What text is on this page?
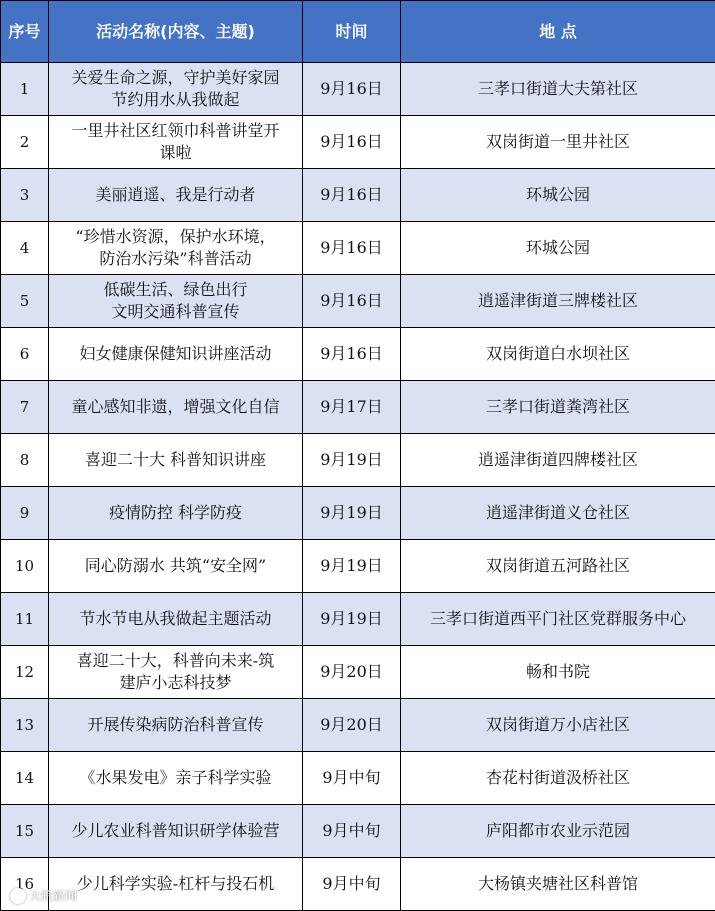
序号	活动名称(内容、主题)	时间	地 点

1	关爱生命之源，守护美好家园
节约用水从我做起	9月16日	三孝口街道大夫第社区

2	一里井社区红领巾科普讲堂开
课啦	9月16日	双岗街道一里井社区

3	美丽逍遥、我是行动者	9月16日	环城公园

4	“珍惜水资源，保护水环境，
防治水污染”科普活动	9月16日	环城公园

5	低碳生活、绿色出行
文明交通科普宣传	9月16日	逍遥津街道三牌楼社区

6	妇女健康保健知识讲座活动	9月16日	双岗街道白水坝社区

7	童心感知非遗，增强文化自信	9月17日	三孝口街道粪湾社区

8	喜迎二十大 科普知识讲座	9月19日	逍遥津街道四牌楼社区

9	疫情防控 科学防疫	9月19日	逍遥津街道义仓社区

10	同心防溺水 共筑“安全网”	9月19日	双岗街道五河路社区

11	节水节电从我做起主题活动	9月19日	三孝口街道西平门社区党群服务中心

12	喜迎二十大，科普向未来-筑
建庐小志科技梦	9月20日	畅和书院

13	开展传染病防治科普宣传	9月20日	双岗街道万小店社区

14	《水果发电》亲子科学实验	9月中旬	杏花村街道汲桥社区

15	少儿农业科普知识研学体验营	9月中旬	庐阳都市农业示范园

16	少儿科学实验-杠杆与投石机	9月中旬	大杨镇夹塘社区科普馆
大皖新闻
